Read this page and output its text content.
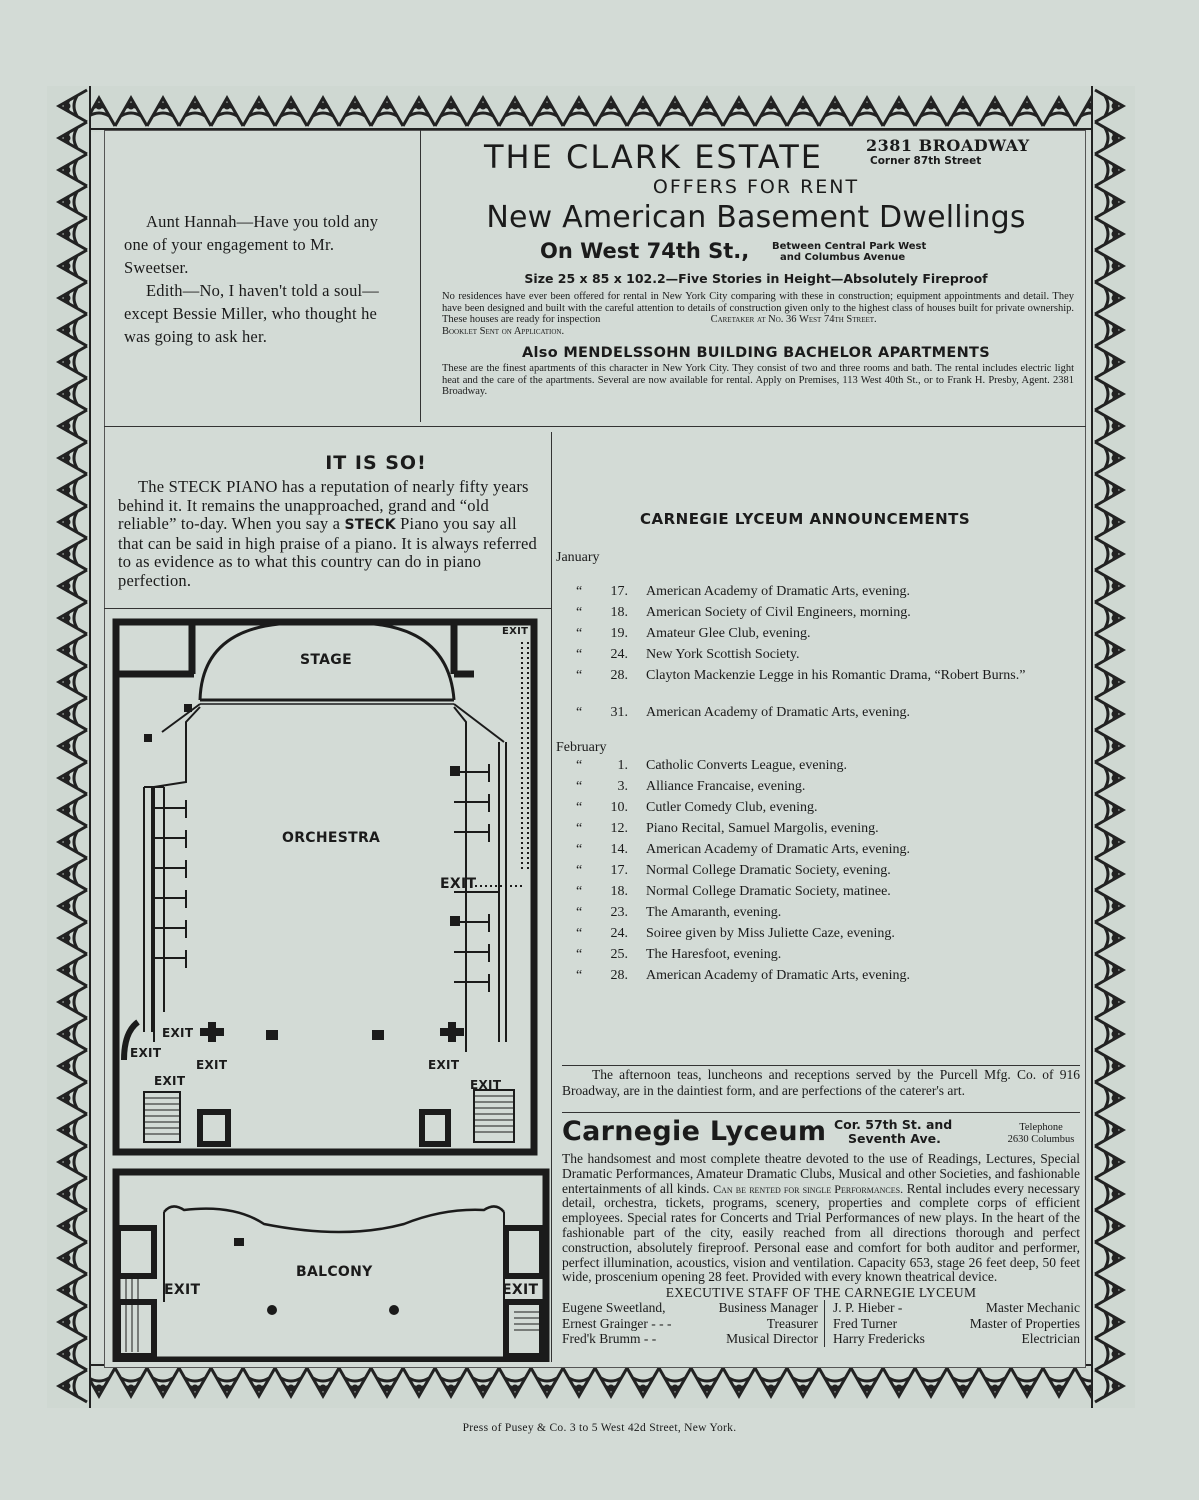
Aunt Hannah—Have you told any one of your engagement to Mr. Sweetser.

Edith—No, I haven't told a soul—except Bessie Miller, who thought he was going to ask her.

THE CLARK ESTATE	2381 BROADWAY
Corner 87th Street
OFFERS FOR RENT
New American Basement Dwellings
On West 74th St., Between Central Park West
and Columbus Avenue
Size 25 x 85 x 102.2—Five Stories in Height—Absolutely Fireproof
No residences have ever been offered for rental in New York City comparing with these in construction; equipment appointments and detail. They have been designed and built with the careful attention to details of construction given only to the highest class of houses built for private ownership. These houses are ready for inspection	Caretaker at No. 36 West 74th Street.
Booklet Sent on Application.
Also MENDELSSOHN BUILDING BACHELOR APARTMENTS
These are the finest apartments of this character in New York City. They consist of two and three rooms and bath. The rental includes electric light heat and the care of the apartments. Several are now available for rental. Apply on Premises, 113 West 40th St., or to Frank H. Presby, Agent. 2381 Broadway.
IT IS SO!

The STECK PIANO has a reputation of nearly fifty years behind it. It remains the unapproached, grand and “old reliable” to-day. When you say a STECK Piano you say all that can be said in high praise of a piano. It is always referred to as evidence as to what this country can do in piano perfection.

STAGE
ORCHESTRA
BALCONY
EXIT
EXIT
EXIT
EXIT
EXIT
EXIT
EXIT
EXIT
EXIT	EXIT
CARNEGIE LYCEUM ANNOUNCEMENTS
January
“	17. American Academy of Dramatic Arts, evening.
“	18. American Society of Civil Engineers, morning.
“	19. Amateur Glee Club, evening.
“	24. New York Scottish Society.
“	28. Clayton Mackenzie Legge in his Romantic Drama, “Robert Burns.”
“	31. American Academy of Dramatic Arts, evening.
February
“	1. Catholic Converts League, evening.
“	3. Alliance Francaise, evening.
“	10. Cutler Comedy Club, evening.
“	12. Piano Recital, Samuel Margolis, evening.
“	14. American Academy of Dramatic Arts, evening.
“	17. Normal College Dramatic Society, evening.
“	18. Normal College Dramatic Society, matinee.
“	23. The Amaranth, evening.
“	24. Soiree given by Miss Juliette Caze, evening.
“	25. The Haresfoot, evening.
“	28. American Academy of Dramatic Arts, evening.
The afternoon teas, luncheons and receptions served by the Purcell Mfg. Co. of 916 Broadway, are in the daintiest form, and are perfections of the caterer's art.
Carnegie Lyceum Cor. 57th St. and
Seventh Ave.
Telephone
2630 Columbus
The handsomest and most complete theatre devoted to the use of Readings, Lectures, Special Dramatic Performances, Amateur Dramatic Clubs, Musical and other Societies, and fashionable entertainments of all kinds. Can be rented for single Performances. Rental includes every necessary detail, orchestra, tickets, programs, scenery, properties and complete corps of efficient employees. Special rates for Concerts and Trial Performances of new plays. In the heart of the fashionable part of the city, easily reached from all directions thorough and perfect construction, absolutely fireproof. Personal ease and comfort for both auditor and performer, perfect illumination, acoustics, vision and ventilation. Capacity 653, stage 26 feet deep, 50 feet wide, proscenium opening 28 feet. Provided with every known theatrical device.
EXECUTIVE STAFF OF THE CARNEGIE LYCEUM
Eugene Sweetland,	Business Manager
Ernest Grainger - - -	Treasurer
Fred'k Brumm - -	Musical Director
J. P. Hieber -	Master Mechanic
Fred Turner	Master of Properties
Harry Fredericks	Electrician
Press of Pusey & Co. 3 to 5 West 42d Street, New York.
